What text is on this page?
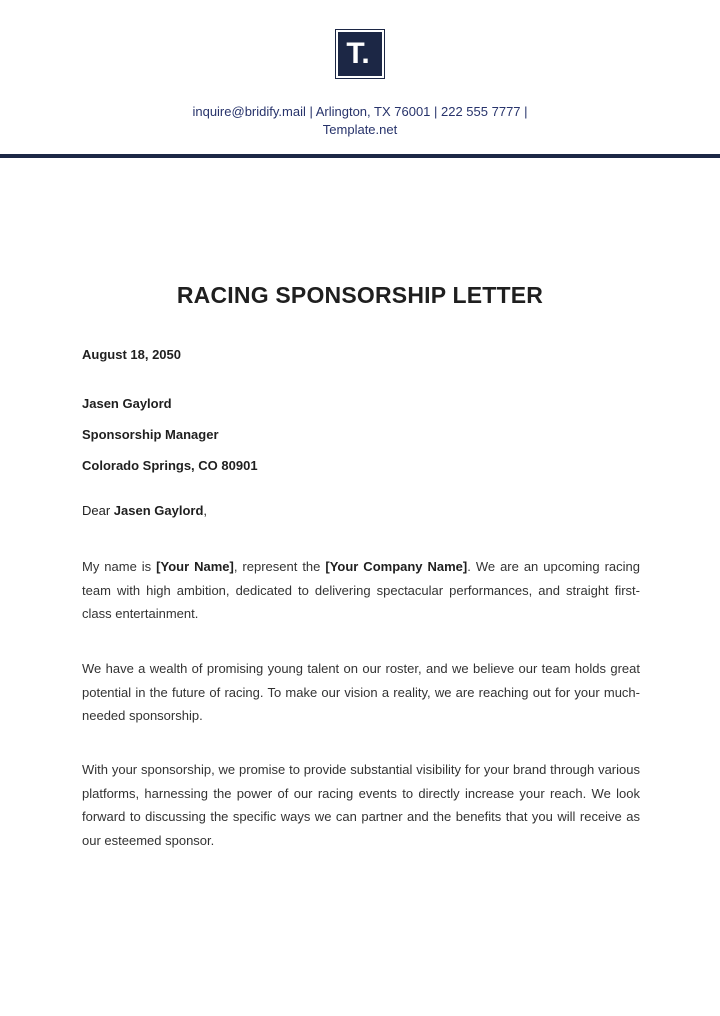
T.
inquire@bridify.mail | Arlington, TX 76001 | 222 555 7777 |
Template.net
RACING SPONSORSHIP LETTER
August 18, 2050
Jasen Gaylord
Sponsorship Manager
Colorado Springs, CO 80901
Dear Jasen Gaylord,
My name is [Your Name], represent the [Your Company Name]. We are an upcoming racing team with high ambition, dedicated to delivering spectacular performances, and straight first-class entertainment.
We have a wealth of promising young talent on our roster, and we believe our team holds great potential in the future of racing. To make our vision a reality, we are reaching out for your much-needed sponsorship.
With your sponsorship, we promise to provide substantial visibility for your brand through various platforms, harnessing the power of our racing events to directly increase your reach. We look forward to discussing the specific ways we can partner and the benefits that you will receive as our esteemed sponsor.
